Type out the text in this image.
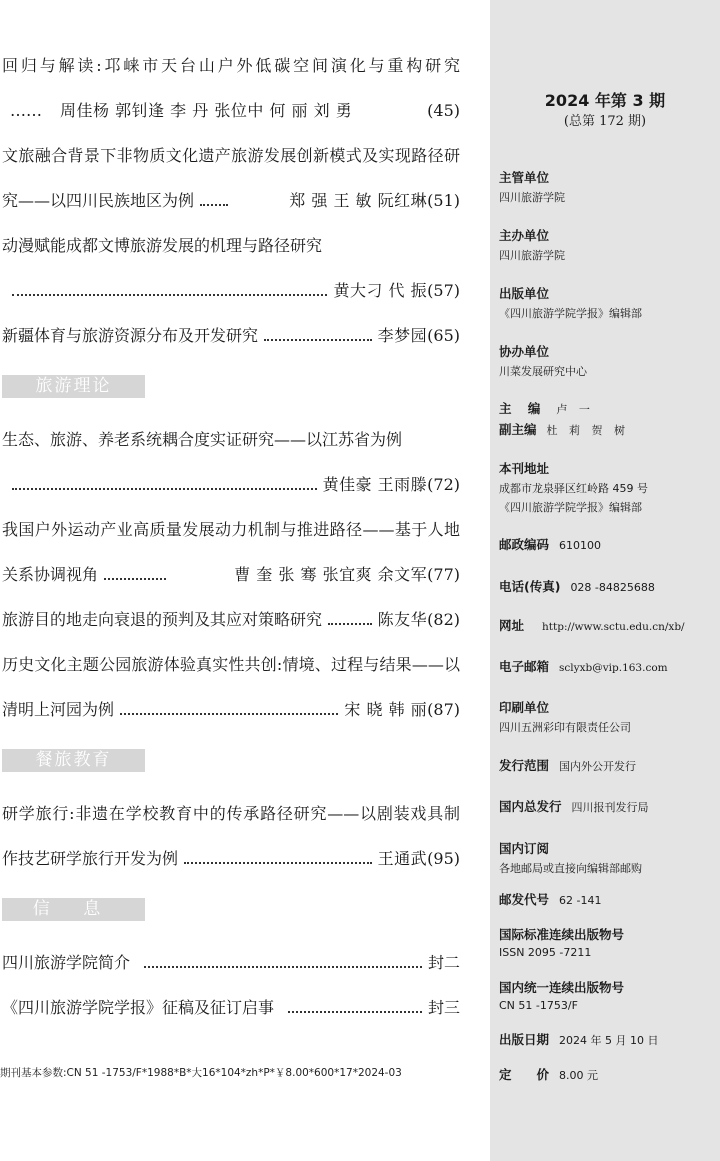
回归与解读:邛崃市天台山户外低碳空间演化与重构研究
…… 周佳杨 郭钊逢 李 丹 张位中 何 丽 刘 勇	(45)
文旅融合背景下非物质文化遗产旅游发展创新模式及实现路径研
究——以四川民族地区为例	郑 强 王 敏 阮红琳 (51)
动漫赋能成都文博旅游发展的机理与路径研究
黄大刁 代 振 (57)
新疆体育与旅游资源分布及开发研究	李梦园 (65)
旅游理论
生态、旅游、养老系统耦合度实证研究——以江苏省为例
黄佳豪 王雨滕 (72)
我国户外运动产业高质量发展动力机制与推进路径——基于人地
关系协调视角	曹 奎 张 骞 张宜爽 余文军 (77)
旅游目的地走向衰退的预判及其应对策略研究	陈友华 (82)
历史文化主题公园旅游体验真实性共创:情境、过程与结果——以
清明上河园为例	宋 晓 韩 丽 (87)
餐旅教育
研学旅行:非遗在学校教育中的传承路径研究——以剧装戏具制
作技艺研学旅行开发为例	王通武 (95)
信 息
四川旅游学院简介	封二
《四川旅游学院学报》征稿及征订启事	封三
期刊基本参数:CN 51 -1753/F*1988*B*大16*104*zh*P*￥8.00*600*17*2024-03
2024 年第 3 期
(总第 172 期)
主管单位
四川旅游学院
主办单位
四川旅游学院
出版单位
《四川旅游学院学报》编辑部
协办单位
川菜发展研究中心
主 编 卢 一
副主编 杜 莉 贺 树
本刊地址
成都市龙泉驿区红岭路 459 号
《四川旅游学院学报》编辑部
邮政编码 610100
电话(传真) 028 -84825688
网址 http://www.sctu.edu.cn/xb/
电子邮箱 sclyxb@vip.163.com
印刷单位
四川五洲彩印有限责任公司
发行范围 国内外公开发行
国内总发行 四川报刊发行局
国内订阅
各地邮局或直接向编辑部邮购
邮发代号 62 -141
国际标准连续出版物号
ISSN 2095 -7211
国内统一连续出版物号
CN 51 -1753/F
出版日期 2024 年 5 月 10 日
定　　价 8.00 元
